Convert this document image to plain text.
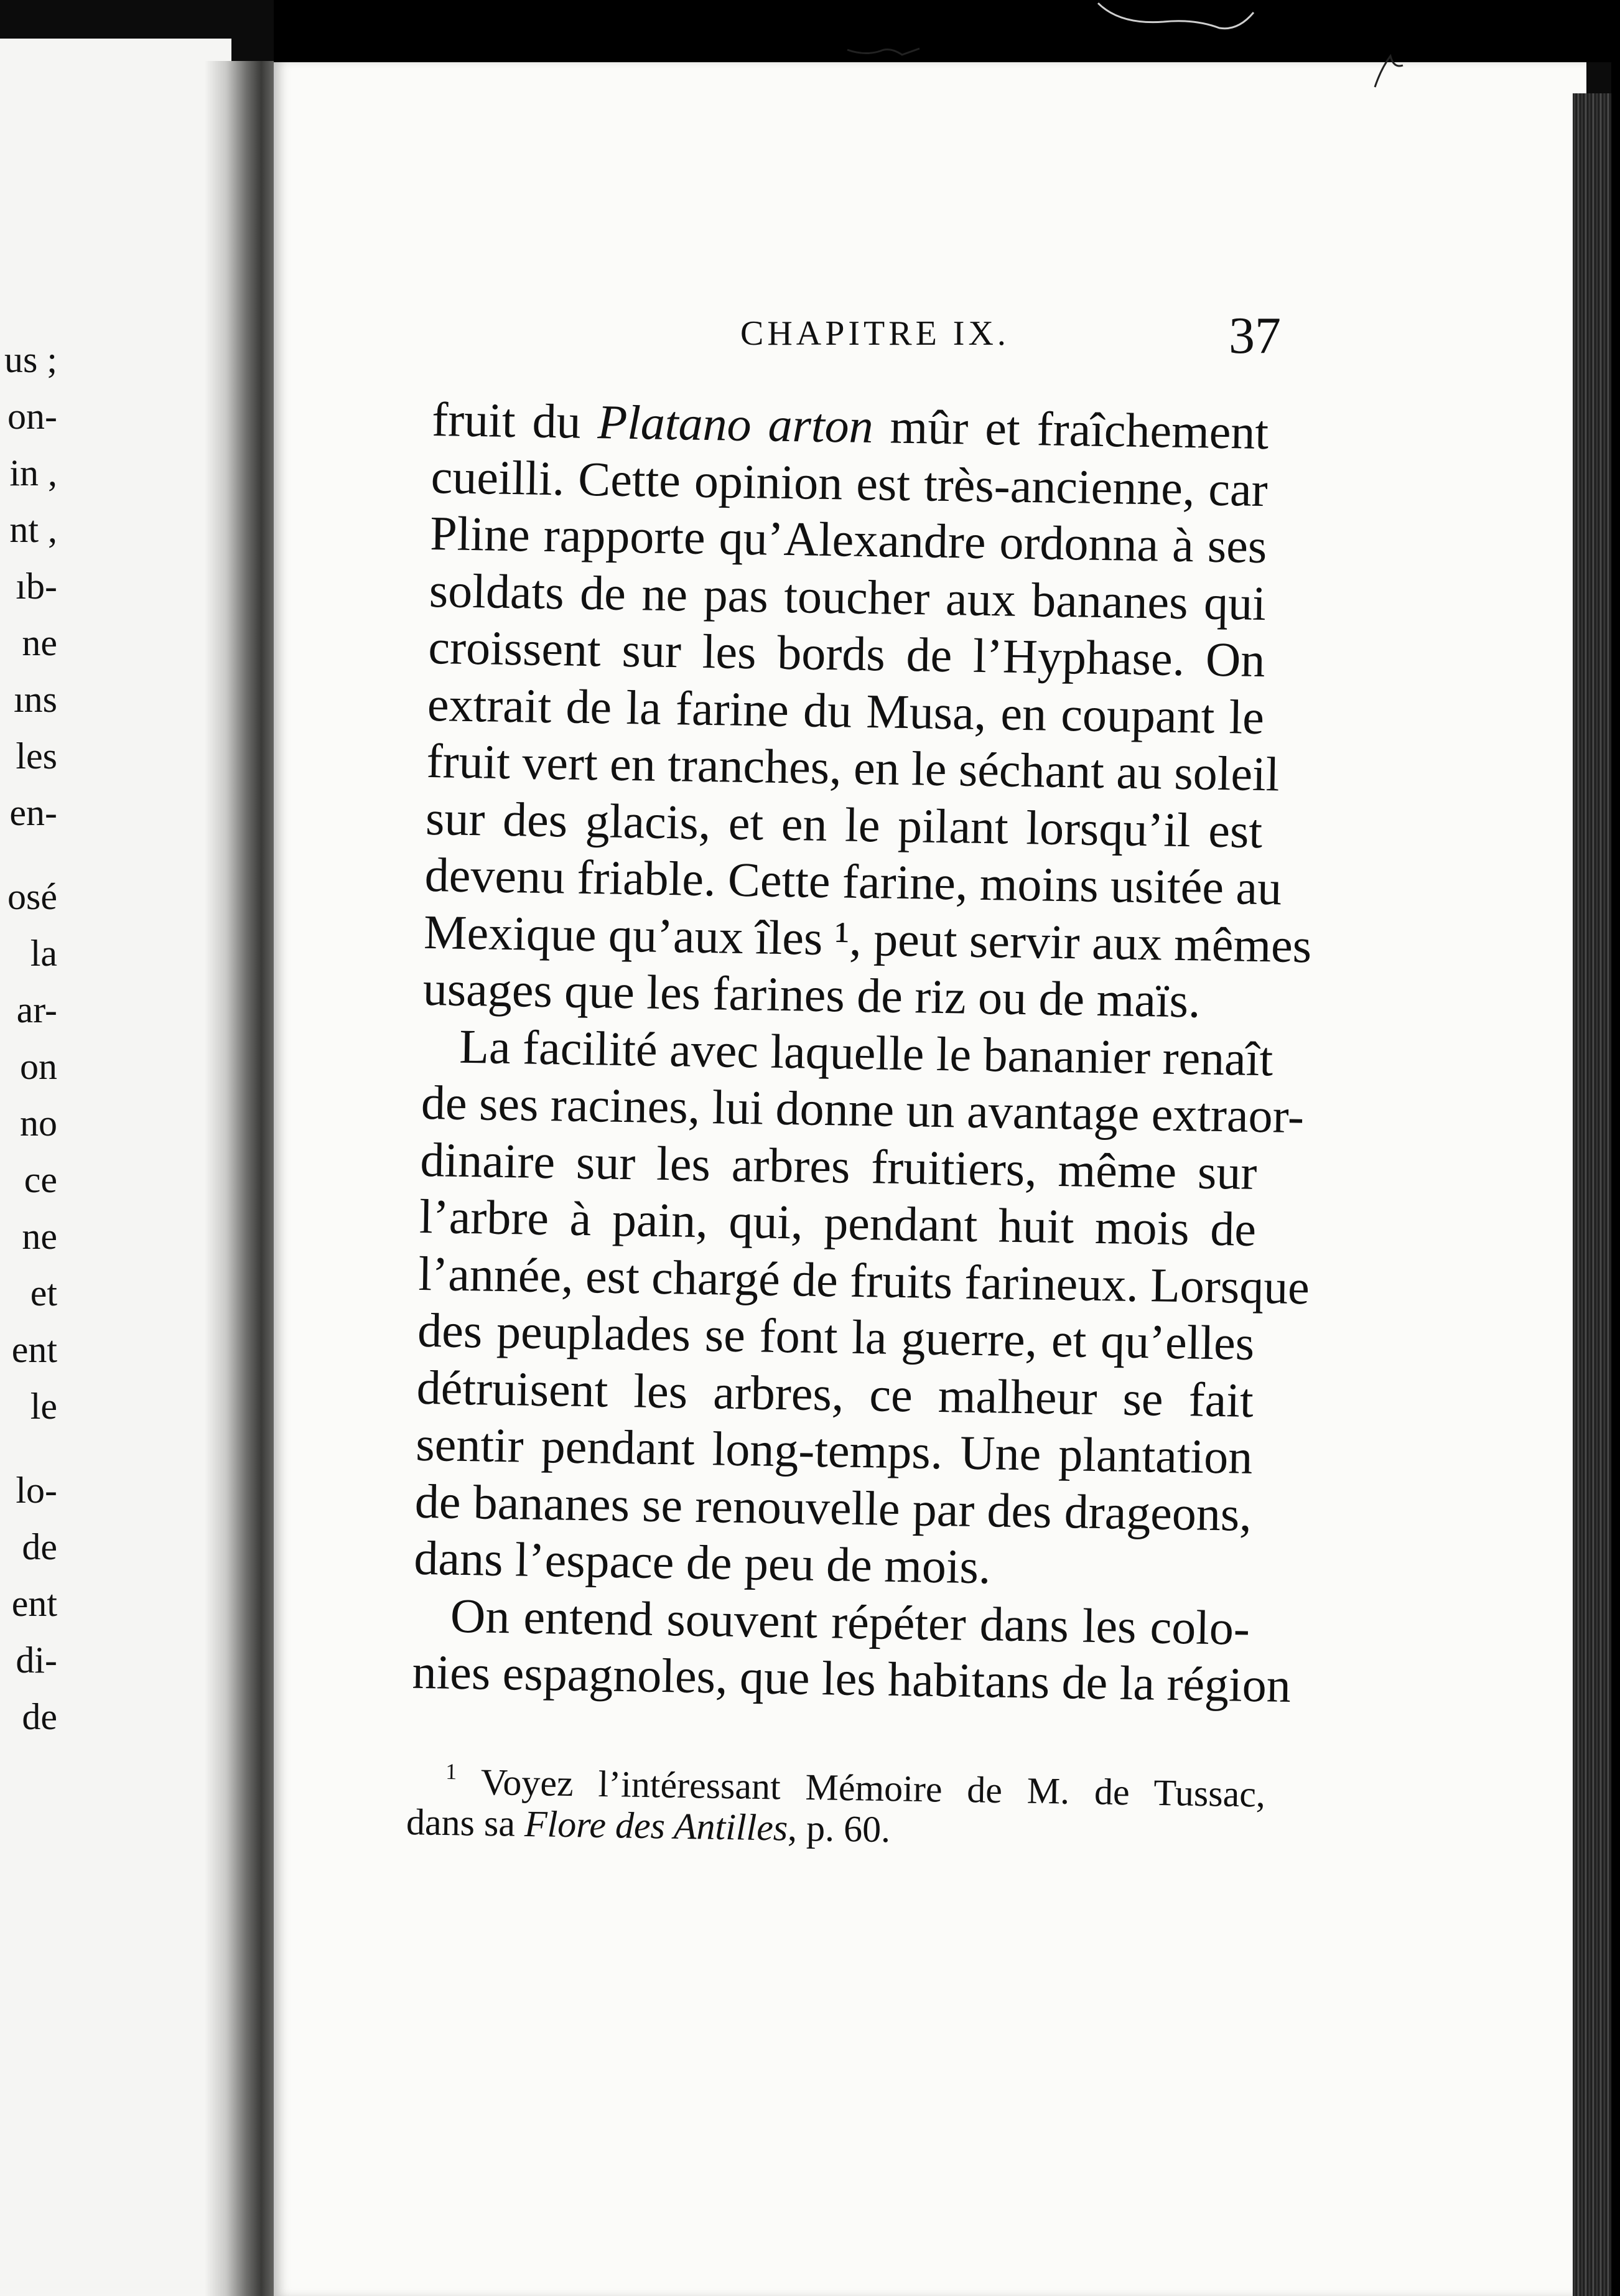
us ;
on-
in ,
nt ,
ıb-
ne
ıns
les
en-
osé
la
ar-
on
no
ce
ne
et
ent
le
lo-
de
ent
di-
de
CHAPITRE IX.	37
fruit du Platano arton mûr et fraîchement
cueilli. Cette opinion est très-ancienne, car
Pline rapporte qu’Alexandre ordonna à ses
soldats de ne pas toucher aux bananes qui
croissent sur les bords de l’Hyphase. On
extrait de la farine du Musa, en coupant le
fruit vert en tranches, en le séchant au soleil
sur des glacis, et en le pilant lorsqu’il est
devenu friable. Cette farine, moins usitée au
Mexique qu’aux îles ¹, peut servir aux mêmes
usages que les farines de riz ou de maïs.
La facilité avec laquelle le bananier renaît
de ses racines, lui donne un avantage extraor-
dinaire sur les arbres fruitiers, même sur
l’arbre à pain, qui, pendant huit mois de
l’année, est chargé de fruits farineux. Lorsque
des peuplades se font la guerre, et qu’elles
détruisent les arbres, ce malheur se fait
sentir pendant long-temps. Une plantation
de bananes se renouvelle par des drageons,
dans l’espace de peu de mois.
On entend souvent répéter dans les colo-
nies espagnoles, que les habitans de la région
$^1$ Voyez l’intéressant Mémoire de M. de Tussac,
dans sa Flore des Antilles, p. 60.
